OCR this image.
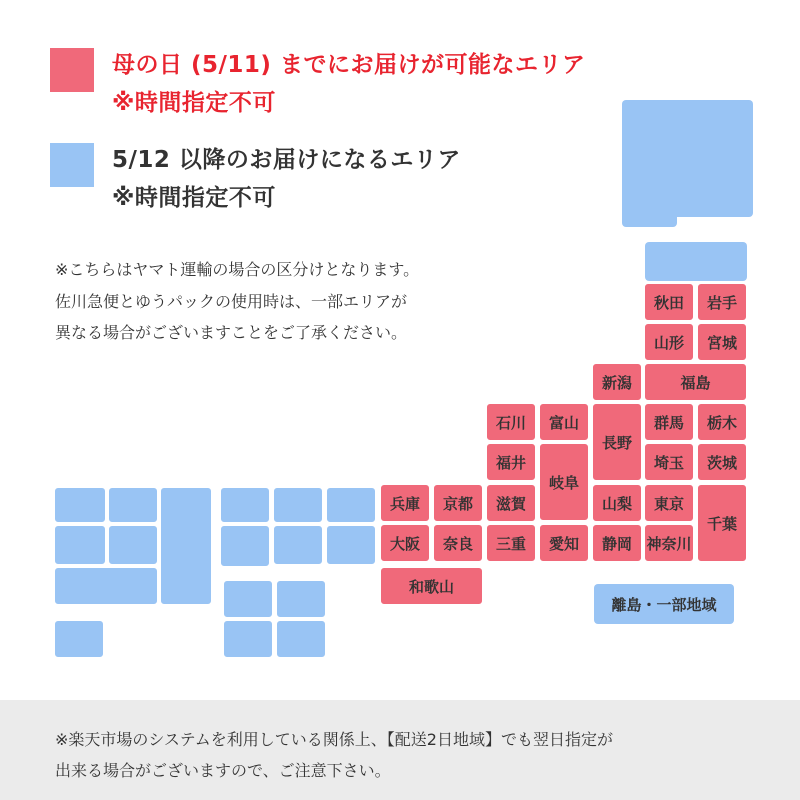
母の日 (5/11) までにお届けが可能なエリア
※時間指定不可
5/12 以降のお届けになるエリア
※時間指定不可
※こちらはヤマト運輸の場合の区分けとなります。
佐川急便とゆうパックの使用時は、一部エリアが
異なる場合がございますことをご了承ください。
秋田	岩手
山形	宮城
新潟	福島
石川	富山
長野
群馬	栃木
福井
岐阜
埼玉	茨城
兵庫	京都	滋賀	山梨	東京
千葉
大阪	奈良	三重	愛知	静岡 神奈川
和歌山
離島・一部地域
※楽天市場のシステムを利用している関係上、【配送2日地域】でも翌日指定が
出来る場合がございますので、ご注意下さい。
